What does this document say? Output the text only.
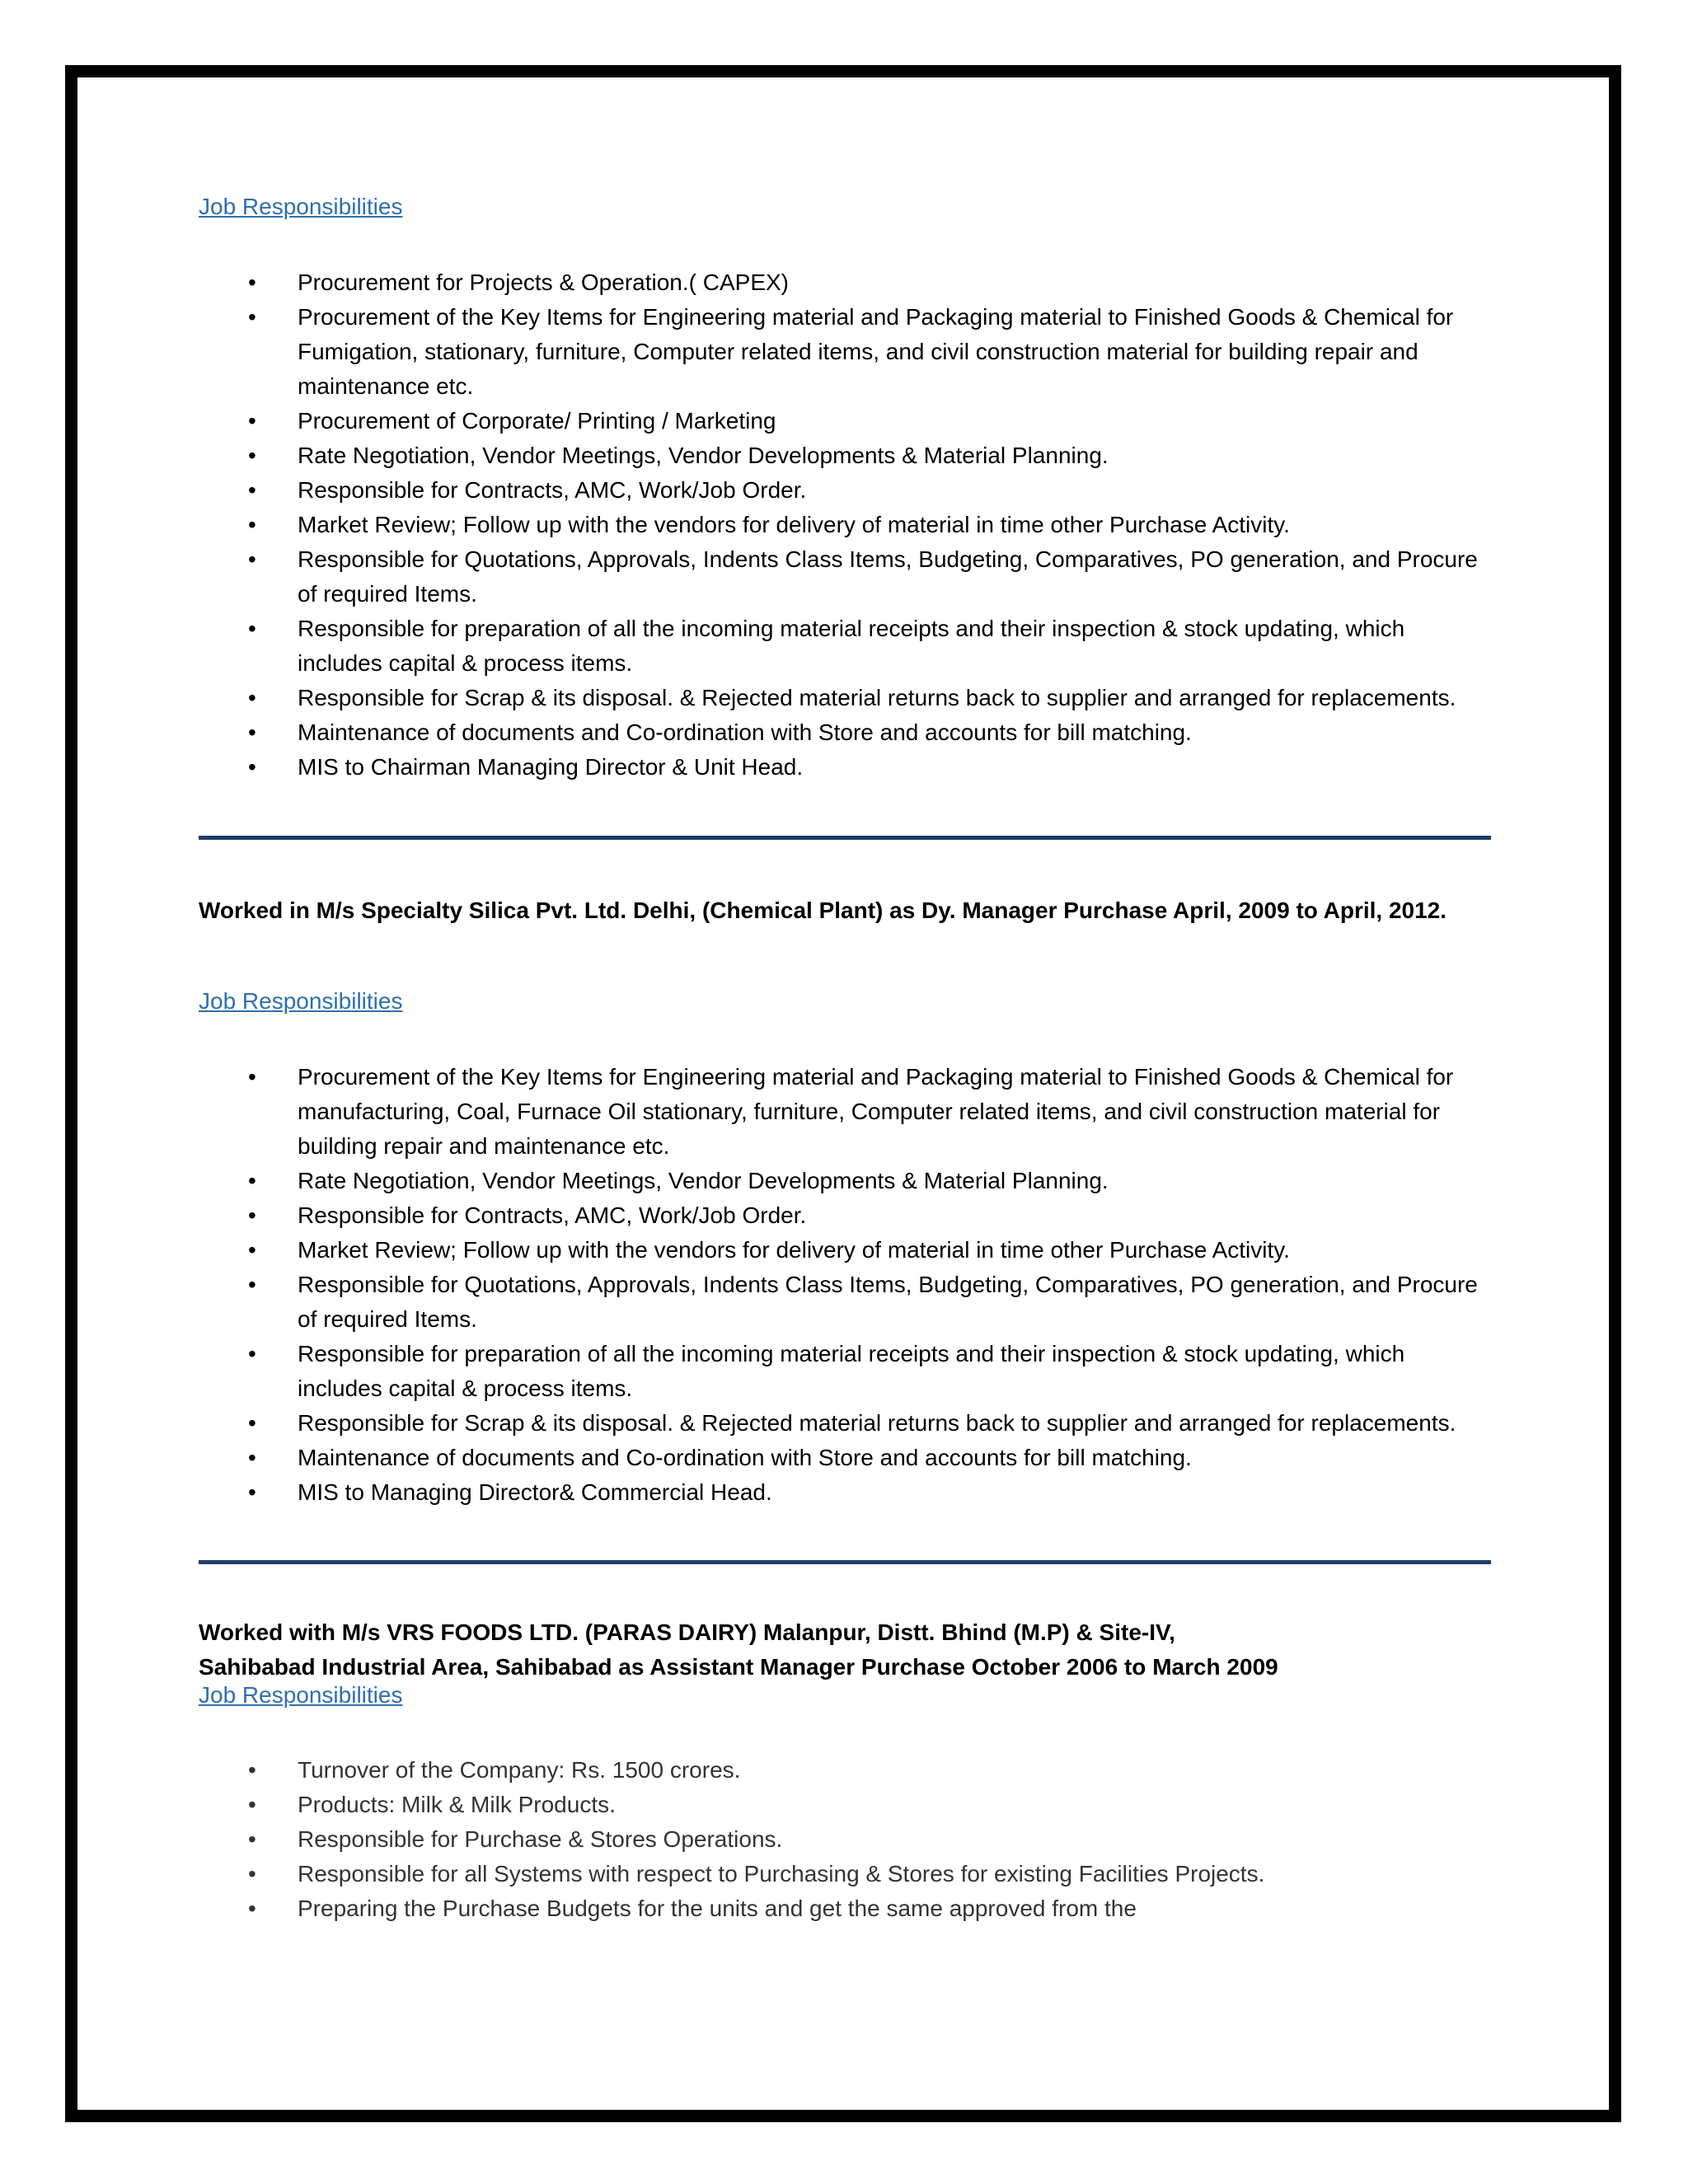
Job Responsibilities
• Procurement for Projects & Operation.( CAPEX)
• Procurement of the Key Items for Engineering material and Packaging material to Finished Goods & Chemical for Fumigation, stationary, furniture, Computer related items, and civil construction material for building repair and maintenance etc.
• Procurement of Corporate/ Printing / Marketing
• Rate Negotiation, Vendor Meetings, Vendor Developments & Material Planning.
• Responsible for Contracts, AMC, Work/Job Order.
• Market Review; Follow up with the vendors for delivery of material in time other Purchase Activity.
• Responsible for Quotations, Approvals, Indents Class Items, Budgeting, Comparatives, PO generation, and Procure of required Items.
• Responsible for preparation of all the incoming material receipts and their inspection & stock updating, which includes capital & process items.
• Responsible for Scrap & its disposal. & Rejected material returns back to supplier and arranged for replacements.
• Maintenance of documents and Co-ordination with Store and accounts for bill matching.
• MIS to Chairman Managing Director & Unit Head.
Worked in M/s Specialty Silica Pvt. Ltd. Delhi, (Chemical Plant) as Dy. Manager Purchase April, 2009 to April, 2012.
Job Responsibilities
• Procurement of the Key Items for Engineering material and Packaging material to Finished Goods & Chemical for manufacturing, Coal, Furnace Oil stationary, furniture, Computer related items, and civil construction material for building repair and maintenance etc.
• Rate Negotiation, Vendor Meetings, Vendor Developments & Material Planning.
• Responsible for Contracts, AMC, Work/Job Order.
• Market Review; Follow up with the vendors for delivery of material in time other Purchase Activity.
• Responsible for Quotations, Approvals, Indents Class Items, Budgeting, Comparatives, PO generation, and Procure of required Items.
• Responsible for preparation of all the incoming material receipts and their inspection & stock updating, which includes capital & process items.
• Responsible for Scrap & its disposal. & Rejected material returns back to supplier and arranged for replacements.
• Maintenance of documents and Co-ordination with Store and accounts for bill matching.
• MIS to Managing Director& Commercial Head.
Worked with M/s VRS FOODS LTD. (PARAS DAIRY) Malanpur, Distt. Bhind (M.P) & Site-IV,
Sahibabad Industrial Area, Sahibabad as Assistant Manager Purchase October 2006 to March 2009
Job Responsibilities
• Turnover of the Company: Rs. 1500 crores.
• Products: Milk & Milk Products.
• Responsible for Purchase & Stores Operations.
• Responsible for all Systems with respect to Purchasing & Stores for existing Facilities Projects.
• Preparing the Purchase Budgets for the units and get the same approved from the
